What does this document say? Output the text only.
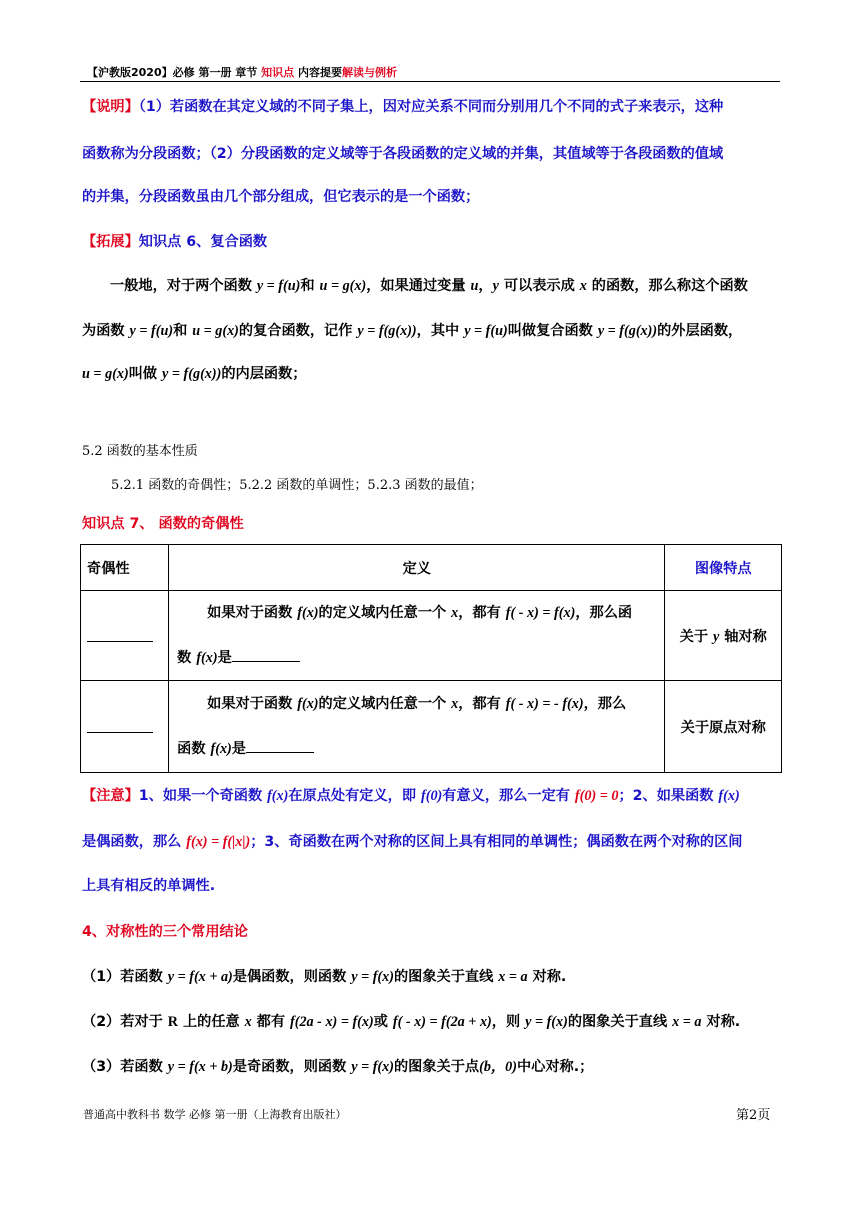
【沪教版2020】必修 第一册 章节 知识点 内容提要解读与例析
【说明】（1）若函数在其定义域的不同子集上，因对应关系不同而分别用几个不同的式子来表示，这种
函数称为分段函数；（2）分段函数的定义域等于各段函数的定义域的并集，其值域等于各段函数的值域
的并集，分段函数虽由几个部分组成，但它表示的是一个函数；
【拓展】知识点 6、复合函数
一般地，对于两个函数 y = f(u)和 u = g(x)，如果通过变量 u，y 可以表示成 x 的函数，那么称这个函数
为函数 y = f(u)和 u = g(x)的复合函数，记作 y = f(g(x))，其中 y = f(u)叫做复合函数 y = f(g(x))的外层函数，
u = g(x)叫做 y = f(g(x))的内层函数；
5.2 函数的基本性质
5.2.1 函数的奇偶性；5.2.2 函数的单调性；5.2.3 函数的最值；
知识点 7、 函数的奇偶性
奇偶性	定义	图像特点

	如果对于函数 f(x)的定义域内任意一个 x，都有 f( - x) = f(x)，那么函
数 f(x)是	关于 y 轴对称

	如果对于函数 f(x)的定义域内任意一个 x，都有 f( - x) = - f(x)，那么
函数 f(x)是	关于原点对称
【注意】1、如果一个奇函数 f(x)在原点处有定义，即 f(0)有意义，那么一定有 f(0) = 0；2、如果函数 f(x)
是偶函数，那么 f(x) = f(|x|)；3、奇函数在两个对称的区间上具有相同的单调性；偶函数在两个对称的区间
上具有相反的单调性.
4、对称性的三个常用结论
（1）若函数 y = f(x + a)是偶函数，则函数 y = f(x)的图象关于直线 x = a 对称.
（2）若对于 R 上的任意 x 都有 f(2a - x) = f(x)或 f( - x) = f(2a + x)，则 y = f(x)的图象关于直线 x = a 对称.
（3）若函数 y = f(x + b)是奇函数，则函数 y = f(x)的图象关于点(b，0)中心对称.；
普通高中教科书 数学 必修 第一册（上海教育出版社）	第2页
